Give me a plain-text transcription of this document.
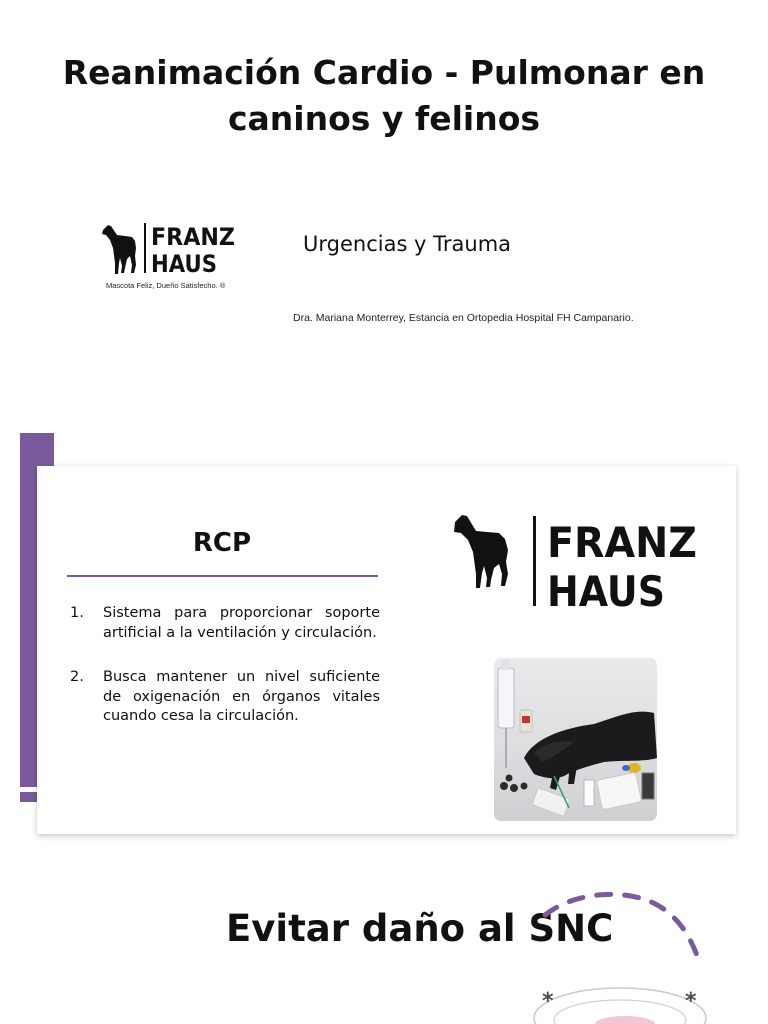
Reanimación Cardio - Pulmonar en caninos y felinos
FRANZ
HAUS
Mascota Feliz, Dueño Satisfecho. ®
Urgencias y Trauma
Dra. Mariana Monterrey, Estancia en Ortopedia Hospital FH Campanario.
RCP
1. Sistema para proporcionar soporte artificial a la ventilación y circulación.
2. Busca mantener un nivel suficiente de oxigenación en órganos vitales cuando cesa la circulación.
FRANZ
HAUS
Evitar daño al SNC
*	*
